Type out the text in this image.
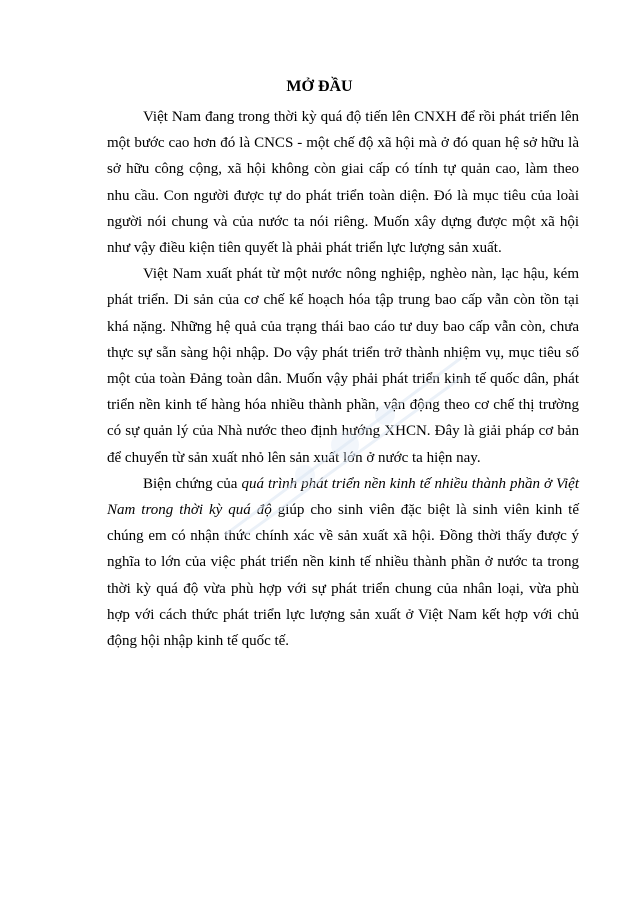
MỞ ĐẦU

Việt Nam đang trong thời kỳ quá độ tiến lên CNXH để rồi phát triển lên một bước cao hơn đó là CNCS - một chế độ xã hội mà ở đó quan hệ sở hữu là sở hữu công cộng, xã hội không còn giai cấp có tính tự quản cao, làm theo nhu cầu. Con người được tự do phát triển toàn diện. Đó là mục tiêu của loài người nói chung và của nước ta nói riêng. Muốn xây dựng được một xã hội như vậy điều kiện tiên quyết là phải phát triển lực lượng sản xuất.

Việt Nam xuất phát từ một nước nông nghiệp, nghèo nàn, lạc hậu, kém phát triển. Di sản của cơ chế kế hoạch hóa tập trung bao cấp vẫn còn tồn tại khá nặng. Những hệ quả của trạng thái bao cáo tư duy bao cấp vẫn còn, chưa thực sự sẵn sàng hội nhập. Do vậy phát triển trở thành nhiệm vụ, mục tiêu số một của toàn Đảng toàn dân. Muốn vậy phải phát triển kinh tế quốc dân, phát triển nền kinh tế hàng hóa nhiều thành phần, vận động theo cơ chế thị trường có sự quản lý của Nhà nước theo định hướng XHCN. Đây là giải pháp cơ bản để chuyển từ sản xuất nhỏ lên sản xuất lớn ở nước ta hiện nay.

Biện chứng của quá trình phát triển nền kinh tế nhiều thành phần ở Việt Nam trong thời kỳ quá độ giúp cho sinh viên đặc biệt là sinh viên kinh tế chúng em có nhận thức chính xác về sản xuất xã hội. Đồng thời thấy được ý nghĩa to lớn của việc phát triển nền kinh tế nhiều thành phần ở nước ta trong thời kỳ quá độ vừa phù hợp với sự phát triển chung của nhân loại, vừa phù hợp với cách thức phát triển lực lượng sản xuất ở Việt Nam kết hợp với chủ động hội nhập kinh tế quốc tế.
